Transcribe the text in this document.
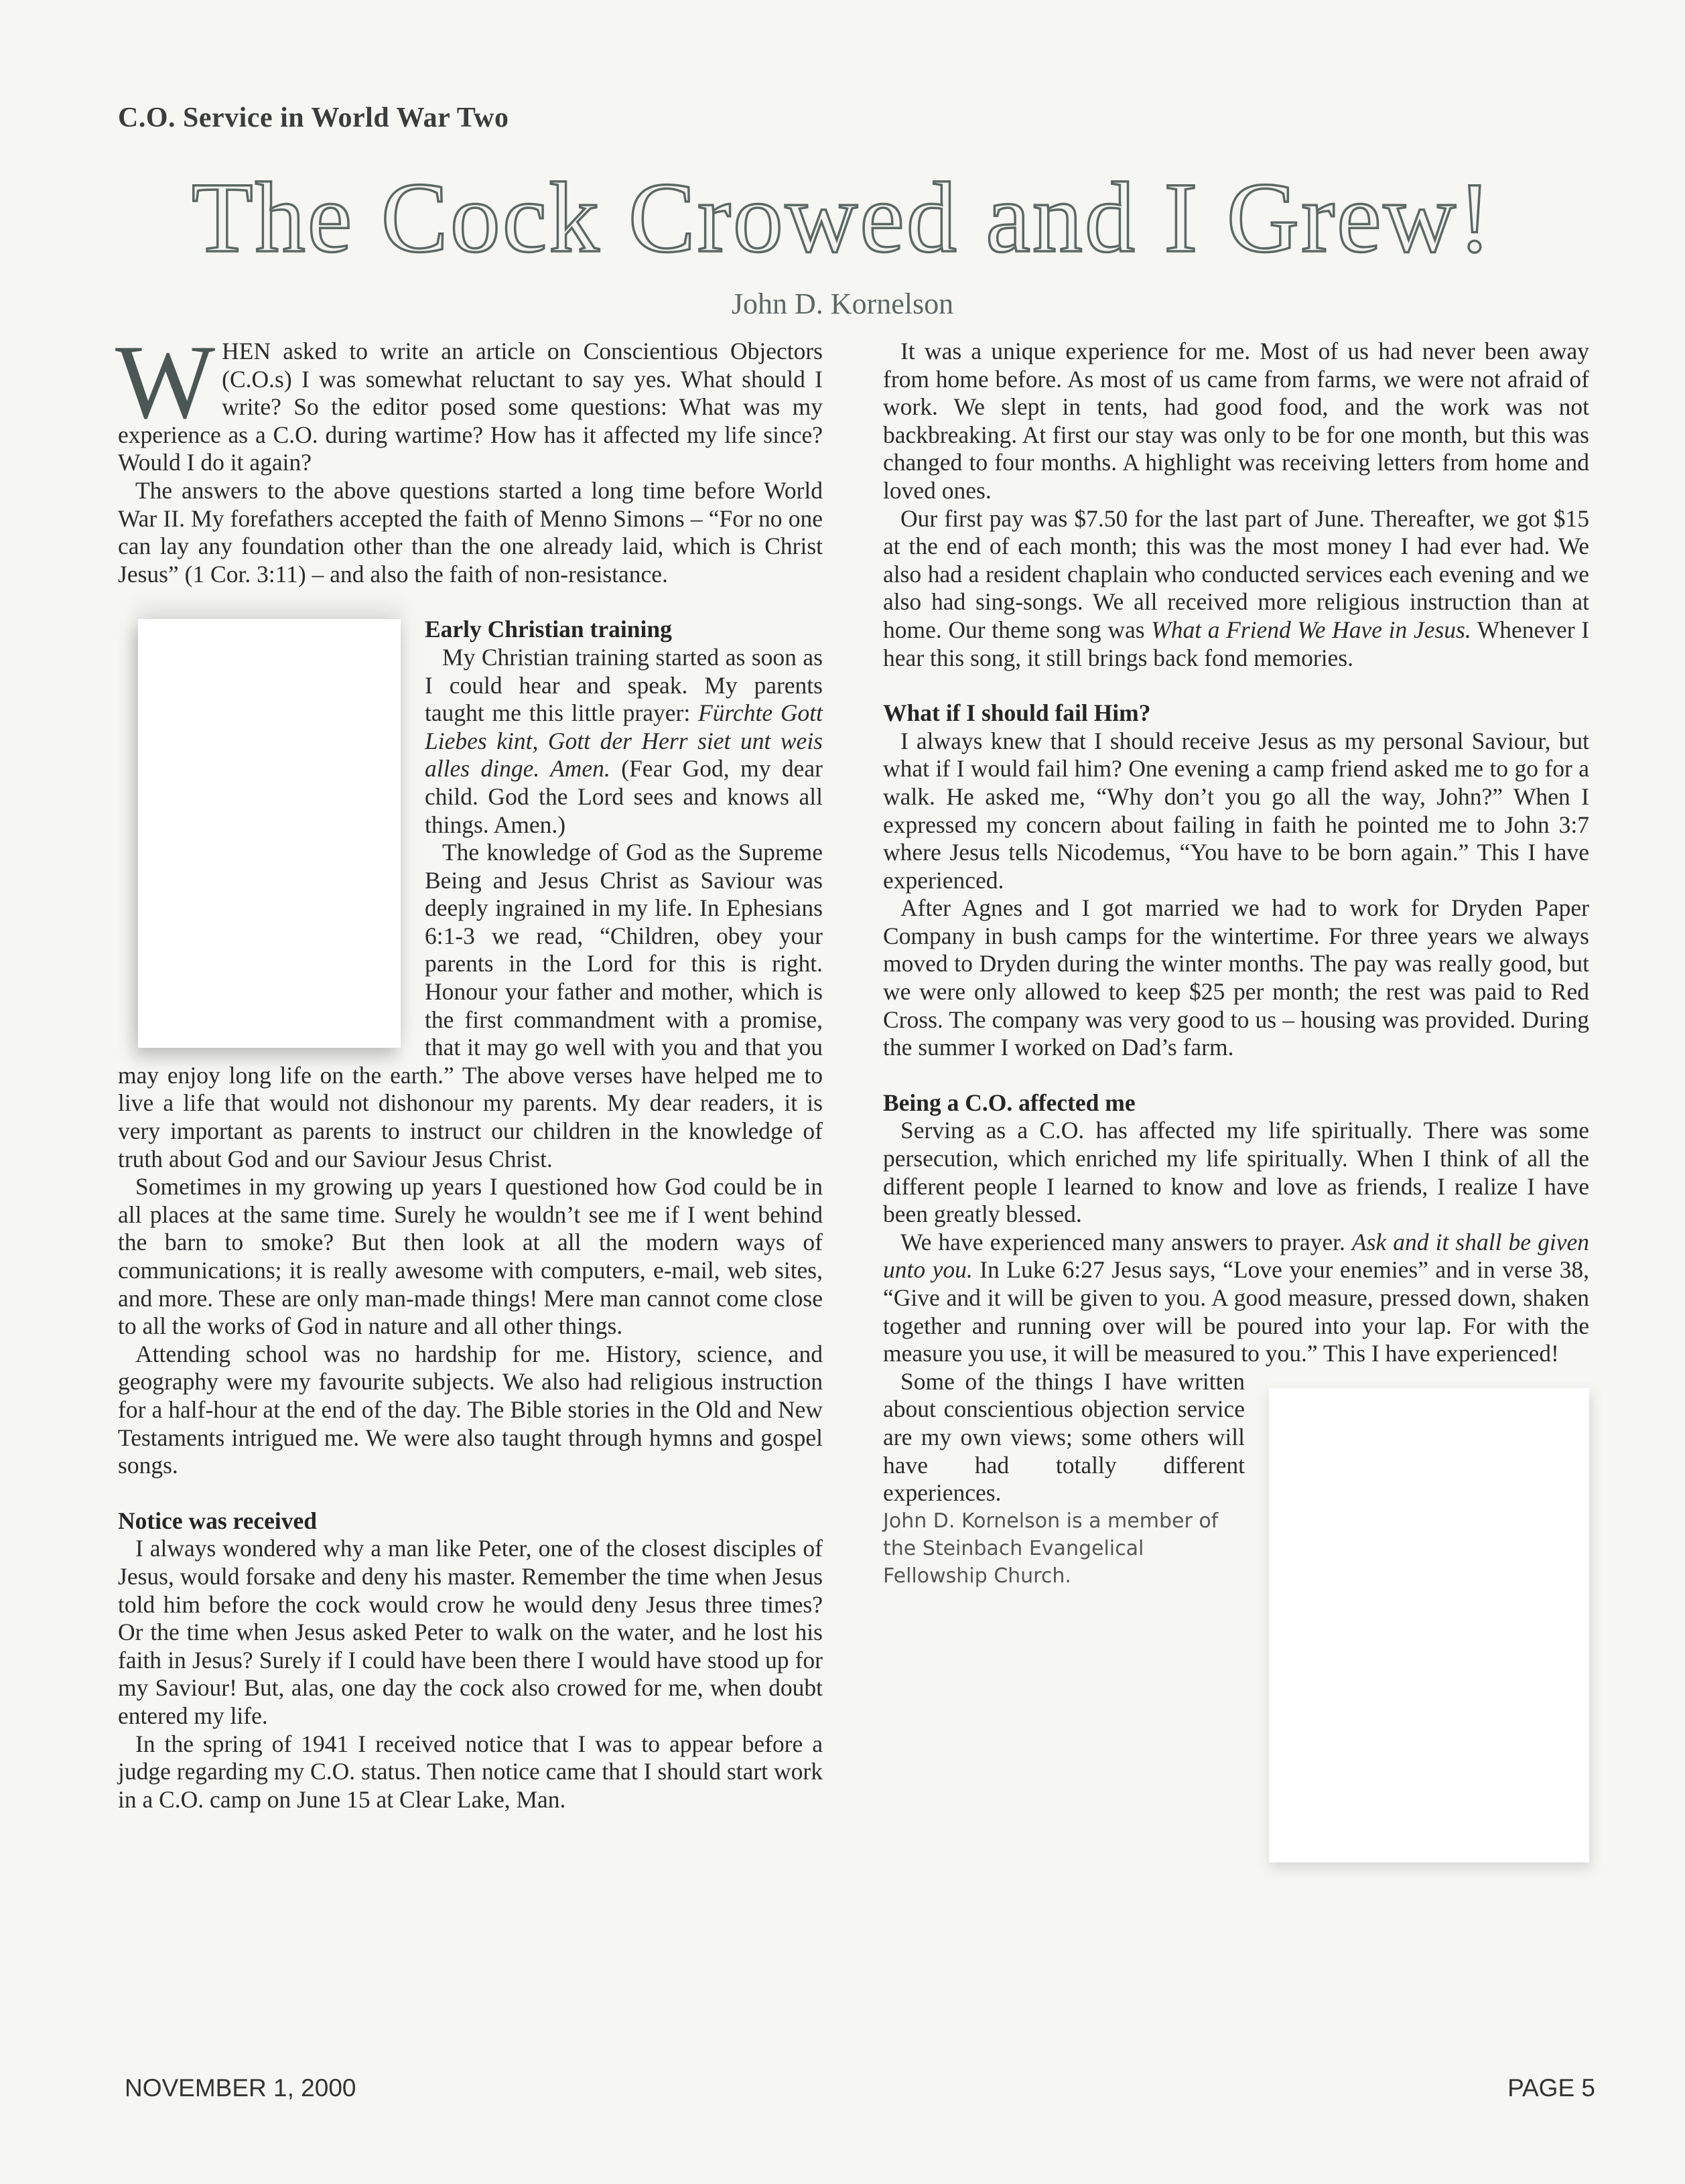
C.O. Service in World War Two
The Cock Crowed and I Grew!
John D. Kornelson

WHEN asked to write an article on Conscientious Objectors (C.O.s) I was somewhat reluctant to say yes. What should I write? So the editor posed some questions: What was my experience as a C.O. during wartime? How has it affected my life since? Would I do it again?

The answers to the above questions started a long time before World War II. My forefathers accepted the faith of Menno Simons – “For no one can lay any foundation other than the one already laid, which is Christ Jesus” (1 Cor. 3:11) – and also the faith of non-resistance.

Early Christian training

My Christian training started as soon as I could hear and speak. My parents taught me this little prayer: Fürchte Gott Liebes kint, Gott der Herr siet unt weis alles dinge. Amen. (Fear God, my dear child. God the Lord sees and knows all things. Amen.)

The knowledge of God as the Supreme Being and Jesus Christ as Saviour was deeply ingrained in my life. In Ephesians 6:1-3 we read, “Children, obey your parents in the Lord for this is right. Honour your father and mother, which is the first commandment with a promise, that it may go well with you and that you may enjoy long life on the earth.” The above verses have helped me to live a life that would not dishonour my parents. My dear readers, it is very important as parents to instruct our children in the knowledge of truth about God and our Saviour Jesus Christ.

Sometimes in my growing up years I questioned how God could be in all places at the same time. Surely he wouldn’t see me if I went behind the barn to smoke? But then look at all the modern ways of communications; it is really awesome with computers, e-mail, web sites, and more. These are only man-made things! Mere man cannot come close to all the works of God in nature and all other things.

Attending school was no hardship for me. History, science, and geography were my favourite subjects. We also had religious instruction for a half-hour at the end of the day. The Bible stories in the Old and New Testaments intrigued me. We were also taught through hymns and gospel songs.

Notice was received

I always wondered why a man like Peter, one of the closest disciples of Jesus, would forsake and deny his master. Remember the time when Jesus told him before the cock would crow he would deny Jesus three times? Or the time when Jesus asked Peter to walk on the water, and he lost his faith in Jesus? Surely if I could have been there I would have stood up for my Saviour! But, alas, one day the cock also crowed for me, when doubt entered my life.

In the spring of 1941 I received notice that I was to appear before a judge regarding my C.O. status. Then notice came that I should start work in a C.O. camp on June 15 at Clear Lake, Man.

It was a unique experience for me. Most of us had never been away from home before. As most of us came from farms, we were not afraid of work. We slept in tents, had good food, and the work was not backbreaking. At first our stay was only to be for one month, but this was changed to four months. A highlight was receiving letters from home and loved ones.

Our first pay was $7.50 for the last part of June. Thereafter, we got $15 at the end of each month; this was the most money I had ever had. We also had a resident chaplain who conducted services each evening and we also had sing-songs. We all received more religious instruction than at home. Our theme song was What a Friend We Have in Jesus. Whenever I hear this song, it still brings back fond memories.

What if I should fail Him?

I always knew that I should receive Jesus as my personal Saviour, but what if I would fail him? One evening a camp friend asked me to go for a walk. He asked me, “Why don’t you go all the way, John?” When I expressed my concern about failing in faith he pointed me to John 3:7 where Jesus tells Nicodemus, “You have to be born again.” This I have experienced.

After Agnes and I got married we had to work for Dryden Paper Company in bush camps for the wintertime. For three years we always moved to Dryden during the winter months. The pay was really good, but we were only allowed to keep $25 per month; the rest was paid to Red Cross. The company was very good to us – housing was provided. During the summer I worked on Dad’s farm.

Being a C.O. affected me

Serving as a C.O. has affected my life spiritually. There was some persecution, which enriched my life spiritually. When I think of all the different people I learned to know and love as friends, I realize I have been greatly blessed.

We have experienced many answers to prayer. Ask and it shall be given unto you. In Luke 6:27 Jesus says, “Love your enemies” and in verse 38, “Give and it will be given to you. A good measure, pressed down, shaken together and running over will be poured into your lap. For with the measure you use, it will be measured to you.” This I have experienced!

Some of the things I have written about conscientious objection service are my own views; some others will have had totally different experiences.

John D. Kornelson is a member of the Steinbach Evangelical Fellowship Church.

NOVEMBER 1, 2000	PAGE 5
